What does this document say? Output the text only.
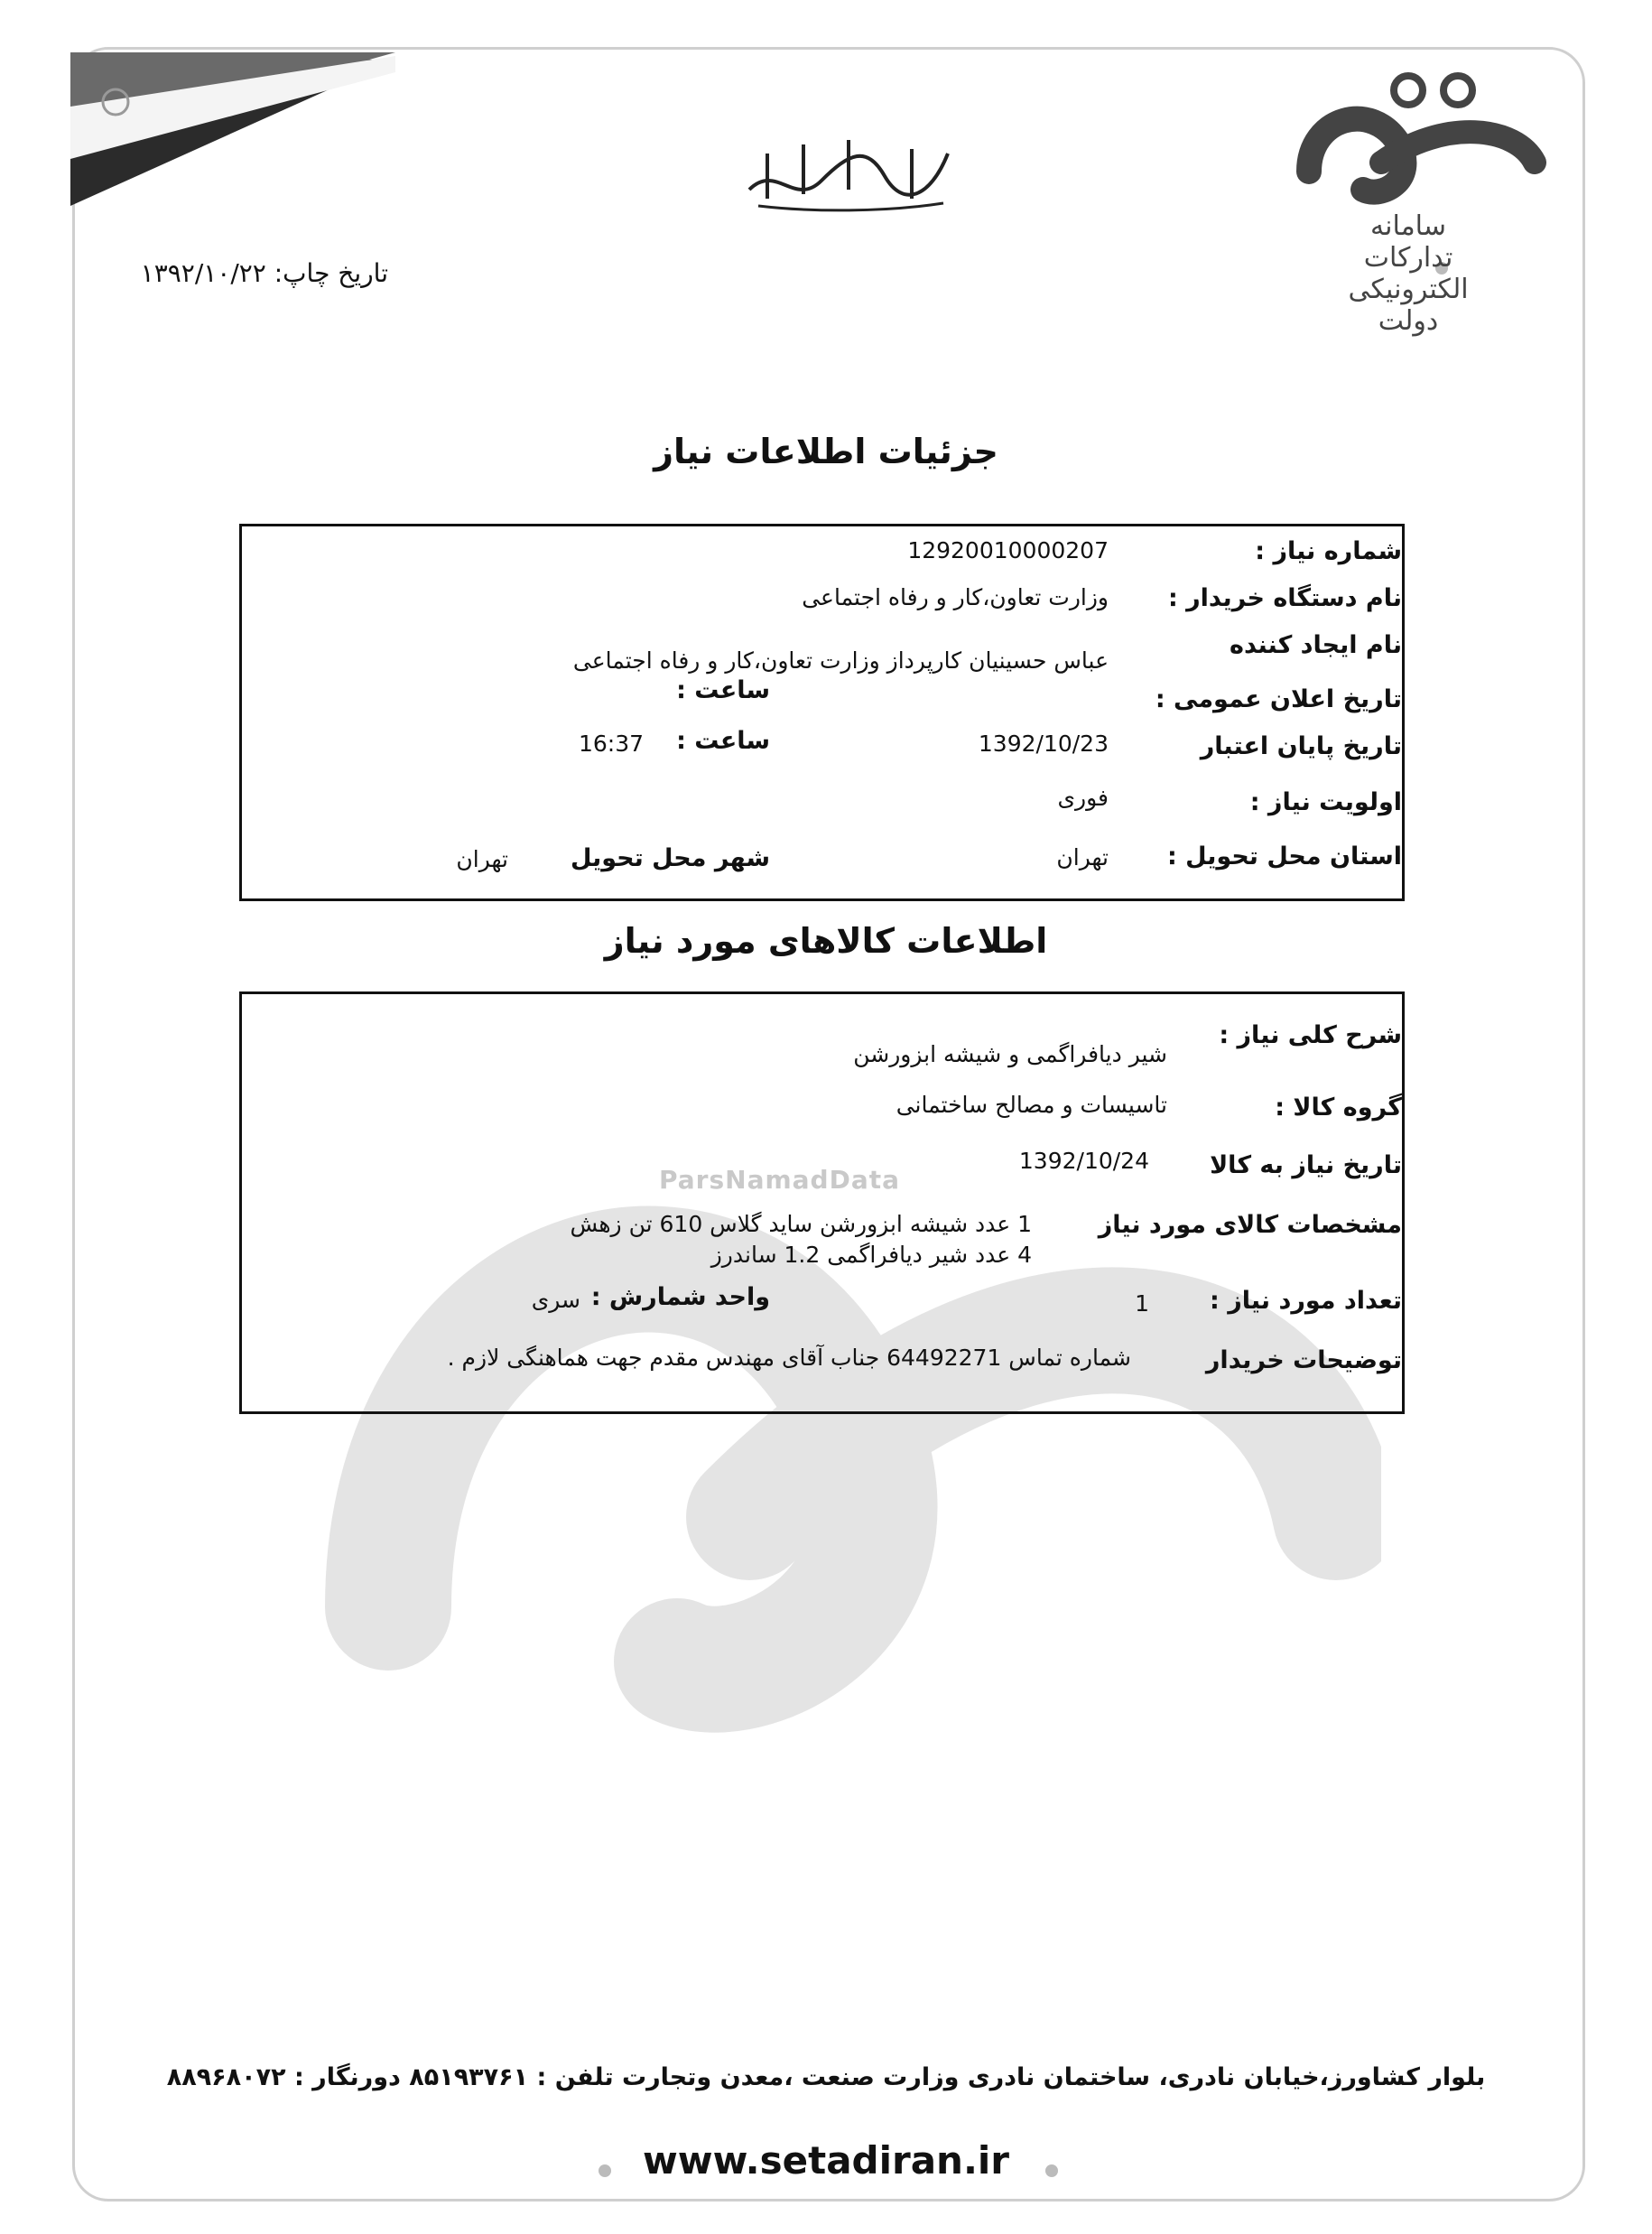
سامانه
تدارکات
الکترونیکی
دولت
تاریخ چاپ: ۱۳۹۲/۱۰/۲۲
ParsNamadData
جزئیات اطلاعات نیاز
شماره نیاز :
12920010000207
نام دستگاه خریدار :
وزارت تعاون،کار و رفاه اجتماعی
نام ایجاد کننده
عباس حسینیان کارپرداز وزارت تعاون،کار و رفاه اجتماعی
تاریخ اعلان عمومی :
ساعت :
تاریخ پایان اعتبار
1392/10/23
ساعت :
16:37
اولویت نیاز :
فوری
استان محل تحویل :
تهران
شهر محل تحویل
تهران
اطلاعات کالاهای مورد نیاز
شرح کلی نیاز :
شیر دیافراگمی و شیشه ابزورشن
گروه کالا :
تاسیسات و مصالح ساختمانی
تاریخ نیاز به کالا
1392/10/24
مشخصات کالای مورد نیاز
1 عدد شیشه ابزورشن ساید گلاس 610 تن زهش
4 عدد شیر دیافراگمی 1.2 ساندرز
تعداد مورد نیاز :
1
واحد شمارش :
سری
توضیحات خریدار
شماره تماس 64492271 جناب آقای مهندس مقدم جهت هماهنگی لازم .
بلوار کشاورز،خیابان نادری، ساختمان نادری وزارت صنعت ،معدن وتجارت تلفن : ۸۵۱۹۳۷۶۱ دورنگار : ۸۸۹۶۸۰۷۲
www.setadiran.ir
